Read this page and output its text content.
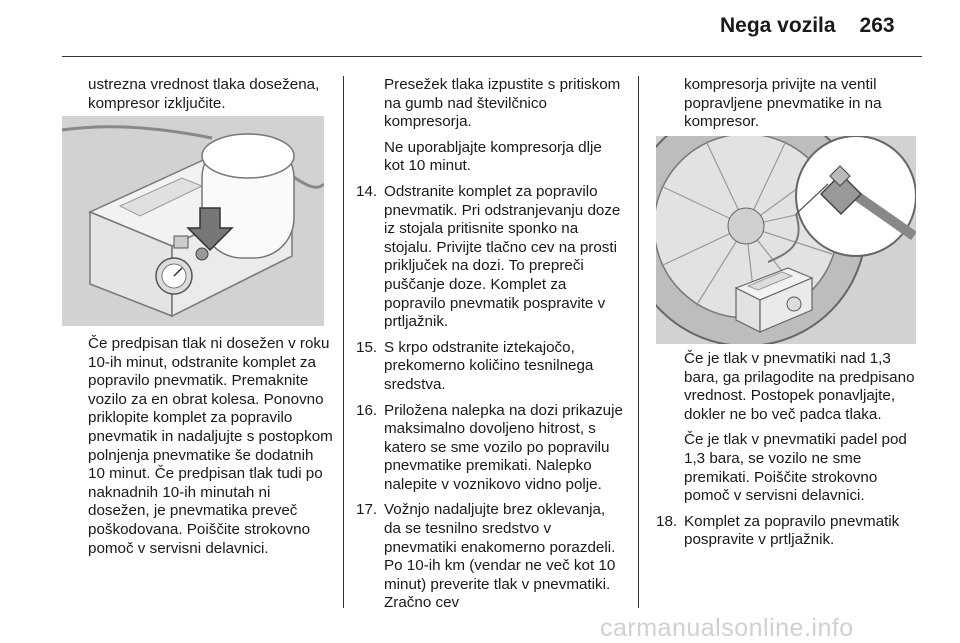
Nega vozila 263

ustrezna vrednost tlaka dosežena, kompresor izključite.

Če predpisan tlak ni dosežen v roku 10-ih minut, odstranite komplet za popravilo pnevmatik. Premaknite vozilo za en obrat kolesa. Ponovno priklopite komplet za popravilo pnevmatik in nadaljujte s postopkom polnjenja pnevmatike še dodatnih 10 minut. Če predpisan tlak tudi po naknadnih 10-ih minutah ni dosežen, je pnevmatika preveč poškodovana. Poiščite strokovno pomoč v servisni delavnici.

Presežek tlaka izpustite s pritiskom na gumb nad številčnico kompresorja.

Ne uporabljajte kompresorja dlje kot 10 minut.

14. Odstranite komplet za popravilo pnevmatik. Pri odstranjevanju doze iz stojala pritisnite sponko na stojalu. Privijte tlačno cev na prosti priključek na dozi. To prepreči puščanje doze. Komplet za popravilo pnevmatik pospravite v prtljažnik.
15. S krpo odstranite iztekajočo, prekomerno količino tesnilnega sredstva.
16. Priložena nalepka na dozi prikazuje maksimalno dovoljeno hitrost, s katero se sme vozilo po popravilu pnevmatike premikati. Nalepko nalepite v voznikovo vidno polje.
17. Vožnjo nadaljujte brez oklevanja, da se tesnilno sredstvo v pnevmatiki enakomerno porazdeli. Po 10-ih km (vendar ne več kot 10 minut) preverite tlak v pnevmatiki. Zračno cev

kompresorja privijte na ventil popravljene pnevmatike in na kompresor.

Če je tlak v pnevmatiki nad 1,3 bara, ga prilagodite na predpisano vrednost. Postopek ponavljajte, dokler ne bo več padca tlaka.

Če je tlak v pnevmatiki padel pod 1,3 bara, se vozilo ne sme premikati. Poiščite strokovno pomoč v servisni delavnici.

18. Komplet za popravilo pnevmatik pospravite v prtljažnik.
carmanualsonline.info
